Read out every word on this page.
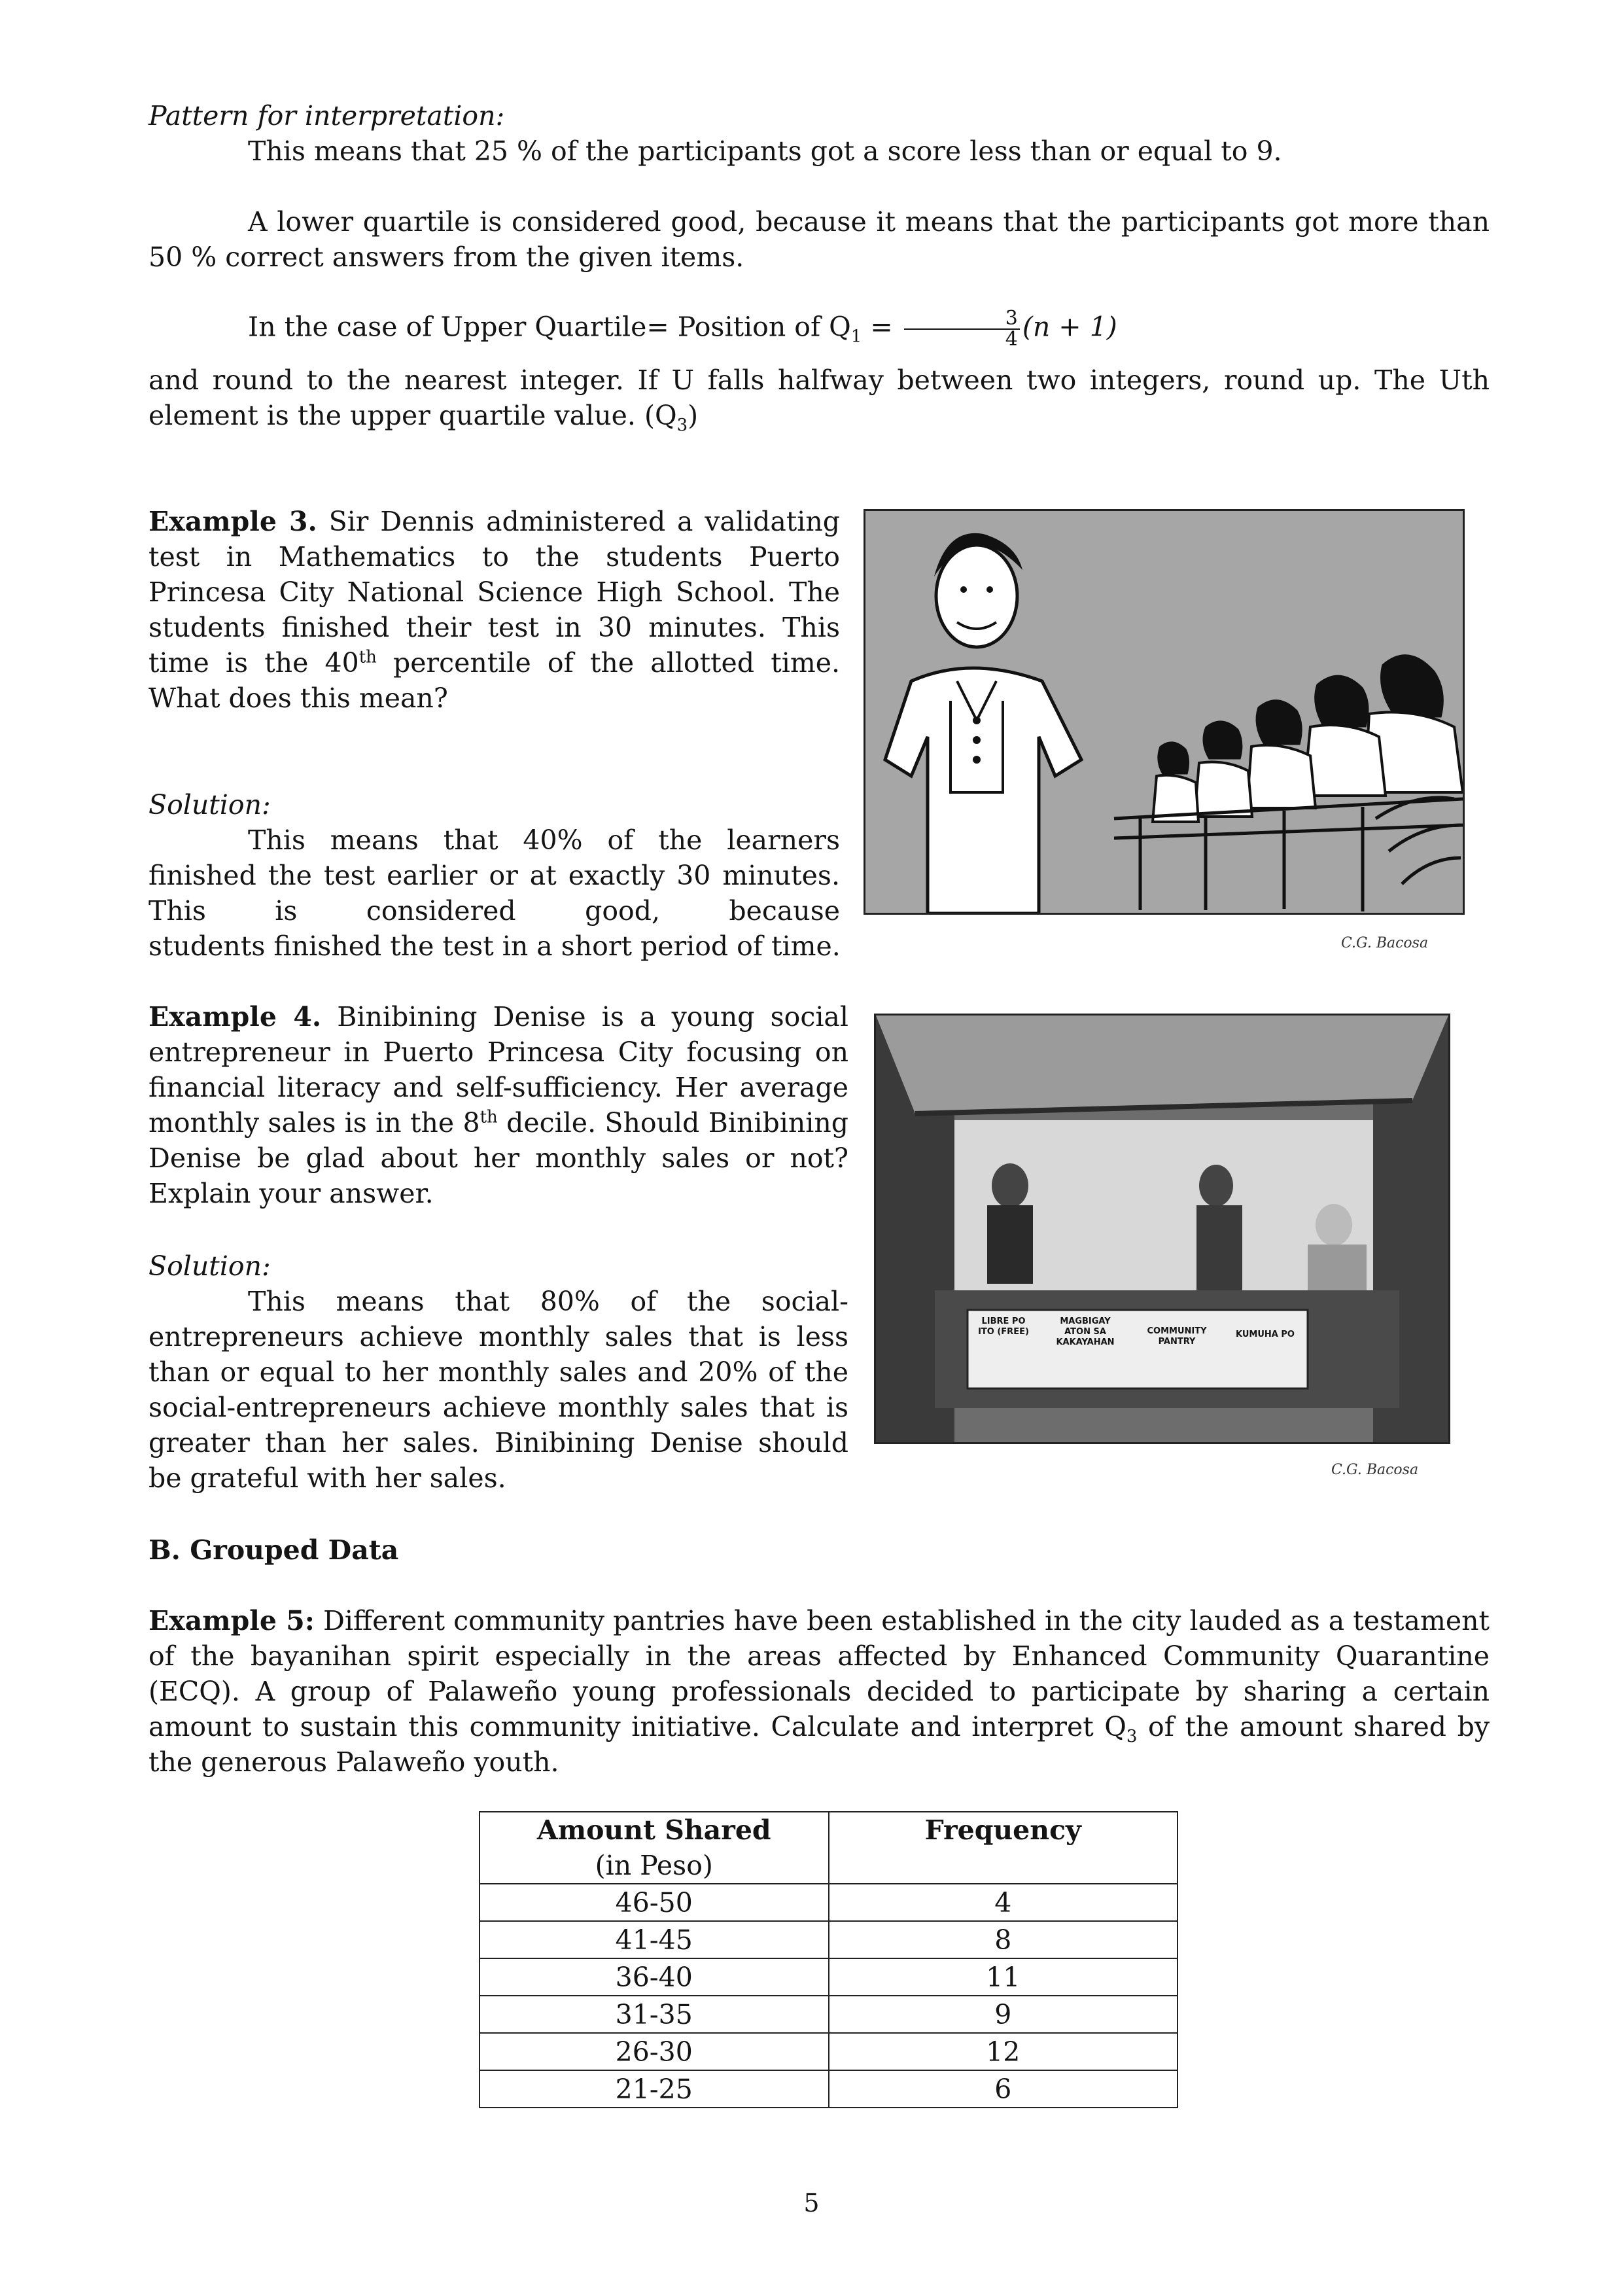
Pattern for interpretation:
This means that 25 % of the participants got a score less than or equal to 9.
A lower quartile is considered good, because it means that the participants got more than 50 % correct answers from the given items.
In the case of Upper Quartile= Position of $Q_1 = \frac{3}{4} (n + 1)$
and round to the nearest integer. If U falls halfway between two integers, round up. The Uth element is the upper quartile value. $(Q_3)$
Example 3. Sir Dennis administered a validating test in Mathematics to the students Puerto Princesa City National Science High School. The students finished their test in 30 minutes. This time is the 40th percentile of the allotted time. What does this mean?
Solution:
This means that 40% of the learners finished the test earlier or at exactly 30 minutes. This is considered good, because
students finished the test in a short period of time.	C.G. Bacosa
Example 4. Binibining Denise is a young social entrepreneur in Puerto Princesa City focusing on financial literacy and self-sufficiency. Her average monthly sales is in the 8th decile. Should Binibining Denise be glad about her monthly sales or not? Explain your answer.
Solution:
This means that 80% of the social-entrepreneurs achieve monthly sales that is less than or equal to her monthly sales and 20% of the social-entrepreneurs achieve monthly sales that is greater than her sales. Binibining Denise should be grateful with her sales.
LIBRE PO ITO (FREE)
MAGBIGAY ATON SA KAKAYAHAN
COMMUNITY PANTRY
KUMUHA PO
C.G. Bacosa
B. Grouped Data
Example 5: Different community pantries have been established in the city lauded as a testament of the bayanihan spirit especially in the areas affected by Enhanced Community Quarantine (ECQ). A group of Palaweño young professionals decided to participate by sharing a certain amount to sustain this community initiative. Calculate and interpret $Q_3$ of the amount shared by the generous Palaweño youth.
Amount Shared
(in Peso)	Frequency
46-50	4
41-45	8
36-40	11
31-35	9
26-30	12
21-25	6
5
